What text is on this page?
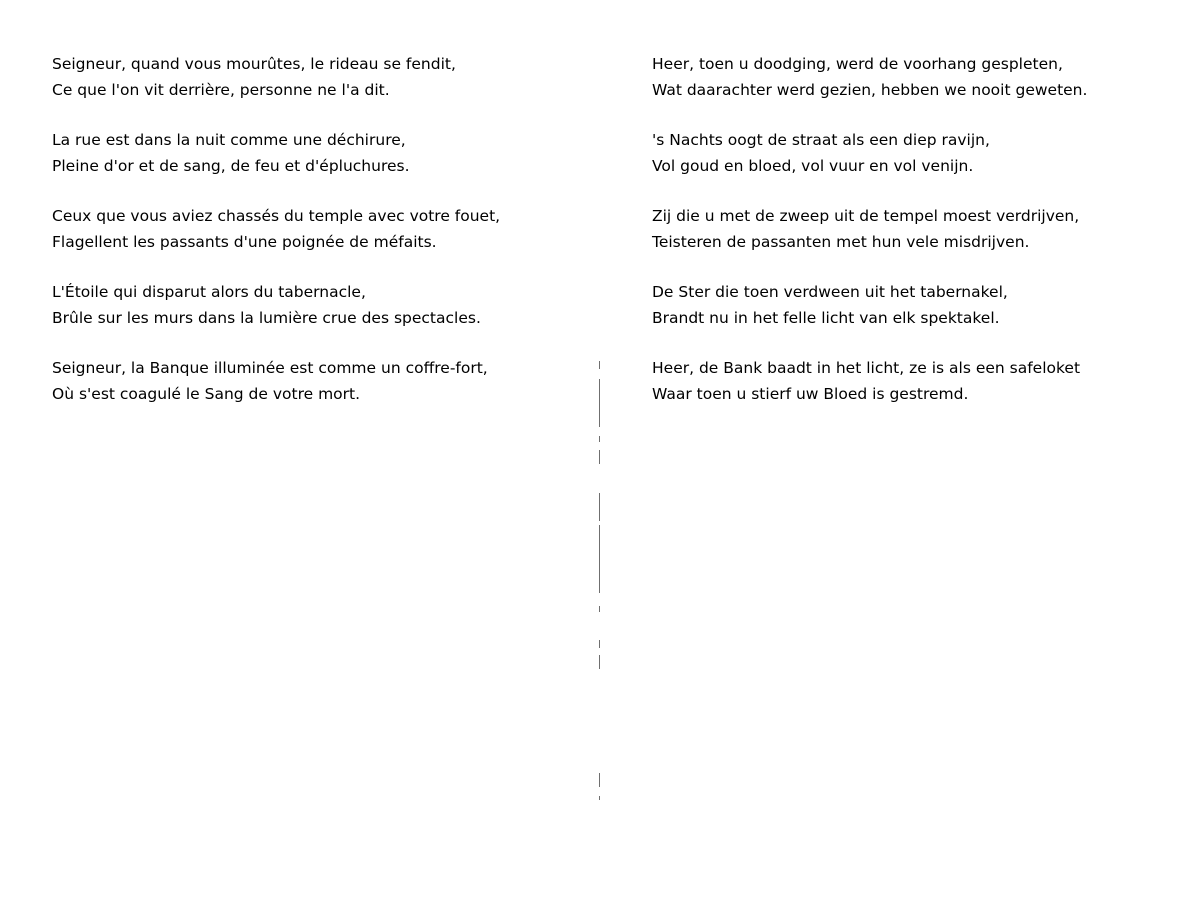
Seigneur, quand vous mourûtes, le rideau se fendit,
Ce que l'on vit derrière, personne ne l'a dit.
La rue est dans la nuit comme une déchirure,
Pleine d'or et de sang, de feu et d'épluchures.
Ceux que vous aviez chassés du temple avec votre fouet,
Flagellent les passants d'une poignée de méfaits.
L'Étoile qui disparut alors du tabernacle,
Brûle sur les murs dans la lumière crue des spectacles.
Seigneur, la Banque illuminée est comme un coffre-fort,
Où s'est coagulé le Sang de votre mort.
Heer, toen u doodging, werd de voorhang gespleten,
Wat daarachter werd gezien, hebben we nooit geweten.
's Nachts oogt de straat als een diep ravijn,
Vol goud en bloed, vol vuur en vol venijn.
Zij die u met de zweep uit de tempel moest verdrijven,
Teisteren de passanten met hun vele misdrijven.
De Ster die toen verdween uit het tabernakel,
Brandt nu in het felle licht van elk spektakel.
Heer, de Bank baadt in het licht, ze is als een safeloket
Waar toen u stierf uw Bloed is gestremd.
